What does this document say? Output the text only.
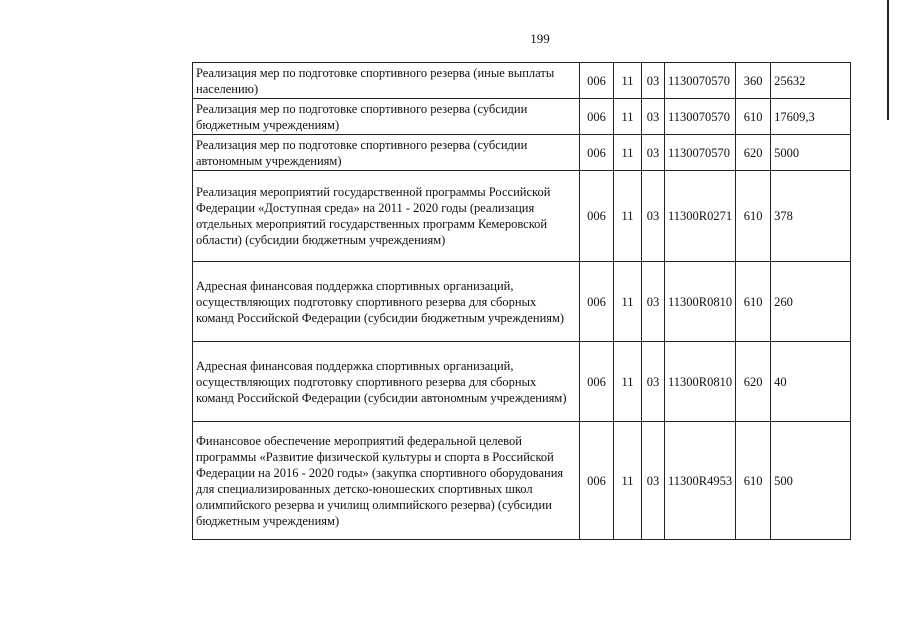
199
Реализация мер по подготовке спортивного резерва (иные выплаты населению)	006	11	03	1130070570	360	25632
Реализация мер по подготовке спортивного резерва (субсидии бюджетным учреждениям)	006	11	03	1130070570	610	17609,3
Реализация мер по подготовке спортивного резерва (субсидии автономным учреждениям)	006	11	03	1130070570	620	5000
Реализация мероприятий государственной программы Российской Федерации «Доступная среда» на 2011 - 2020 годы (реализация отдельных мероприятий государственных программ Кемеровской области) (субсидии бюджетным учреждениям)	006	11	03	11300R0271	610	378
Адресная финансовая поддержка спортивных организаций, осуществляющих подготовку спортивного резерва для сборных команд Российской Федерации (субсидии бюджетным учреждениям)	006	11	03	11300R0810	610	260
Адресная финансовая поддержка спортивных организаций, осуществляющих подготовку спортивного резерва для сборных команд Российской Федерации (субсидии автономным учреждениям)	006	11	03	11300R0810	620	40
Финансовое обеспечение мероприятий федеральной целевой программы «Развитие физической культуры и спорта в Российской Федерации на 2016 - 2020 годы» (закупка спортивного оборудования для специализированных детско-юношеских спортивных школ олимпийского резерва и училищ олимпийского резерва) (субсидии бюджетным учреждениям)	006	11	03	11300R4953	610	500
